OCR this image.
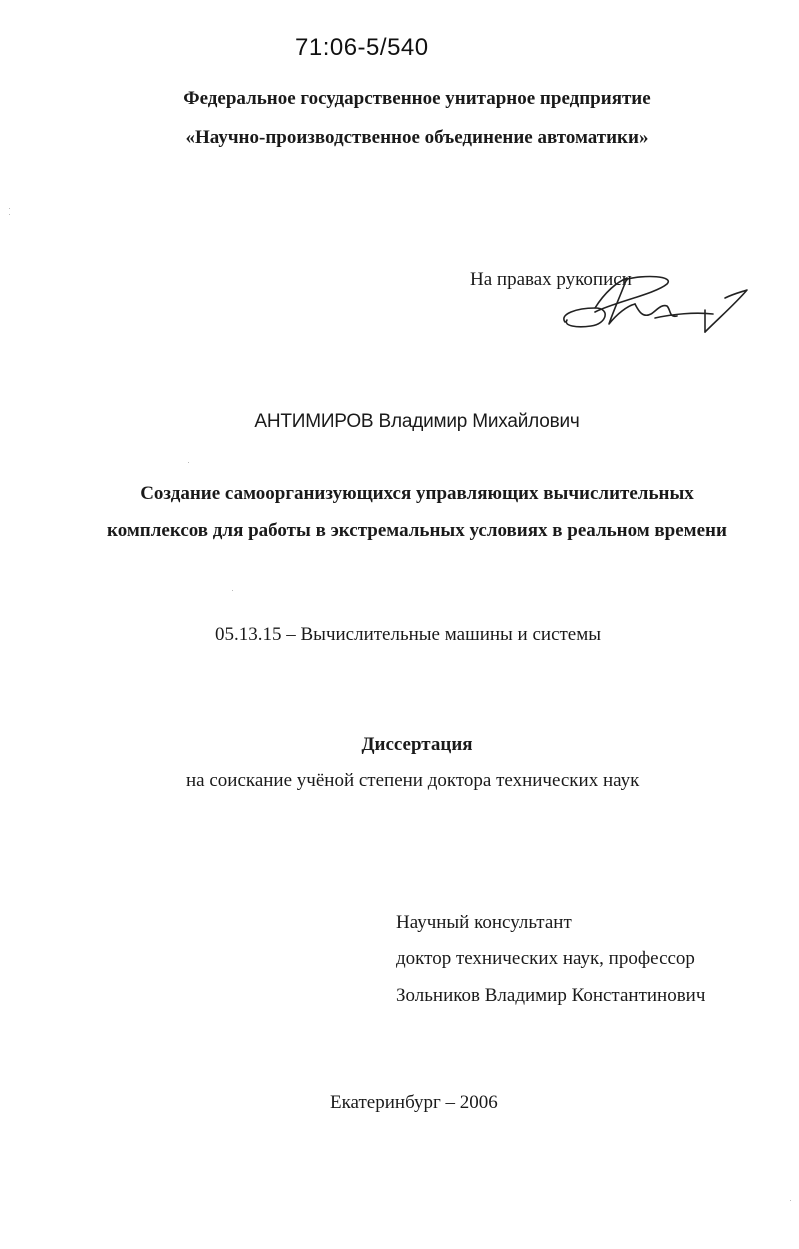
71:06-5/540
Федеральное государственное унитарное предприятие
«Научно-производственное объединение автоматики»
На правах рукописи
АНТИМИРОВ Владимир Михайлович
Создание самоорганизующихся управляющих вычислительных
комплексов для работы в экстремальных условиях в реальном времени
05.13.15 – Вычислительные машины и системы
Диссертация
на соискание учёной степени доктора технических наук
Научный консультант
доктор технических наук, профессор
Зольников Владимир Константинович
Екатеринбург – 2006
